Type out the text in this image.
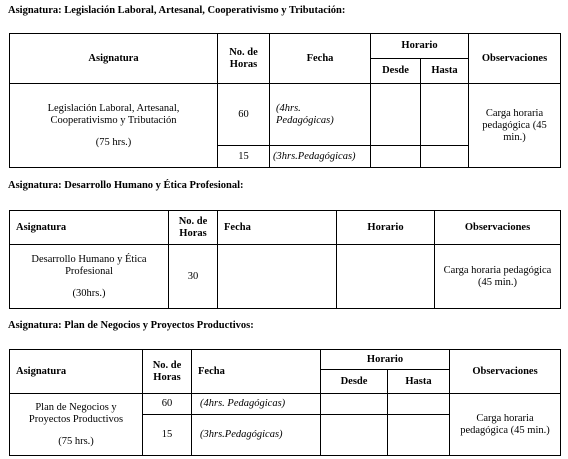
Asignatura: Legislación Laboral, Artesanal, Cooperativismo y Tributación:
Asignatura	No. de Horas	Fecha	Horario		Observaciones
			Desde	Hasta	
Legislación Laboral, Artesanal,
Cooperativismo y Tributación
(75 hrs.)	60	(4hrs.
Pedagógicas)			Carga horaria
pedagógica (45
min.)
	15	(3hrs.Pedagógicas)			
Asignatura: Desarrollo Humano y Ética Profesional:
Asignatura	No. de Horas	Fecha	Horario	Observaciones
Desarrollo Humano y Ética
Profesional
(30hrs.)	30			Carga horaria pedagógica
(45 min.)
Asignatura: Plan de Negocios y Proyectos Productivos:
Asignatura	No. de Horas	Fecha	Horario		Observaciones
			Desde	Hasta	
Plan de Negocios y
Proyectos Productivos
(75 hrs.)	60	(4hrs. Pedagógicas)			Carga horaria
pedagógica (45 min.)
	15	(3hrs.Pedagógicas)			
